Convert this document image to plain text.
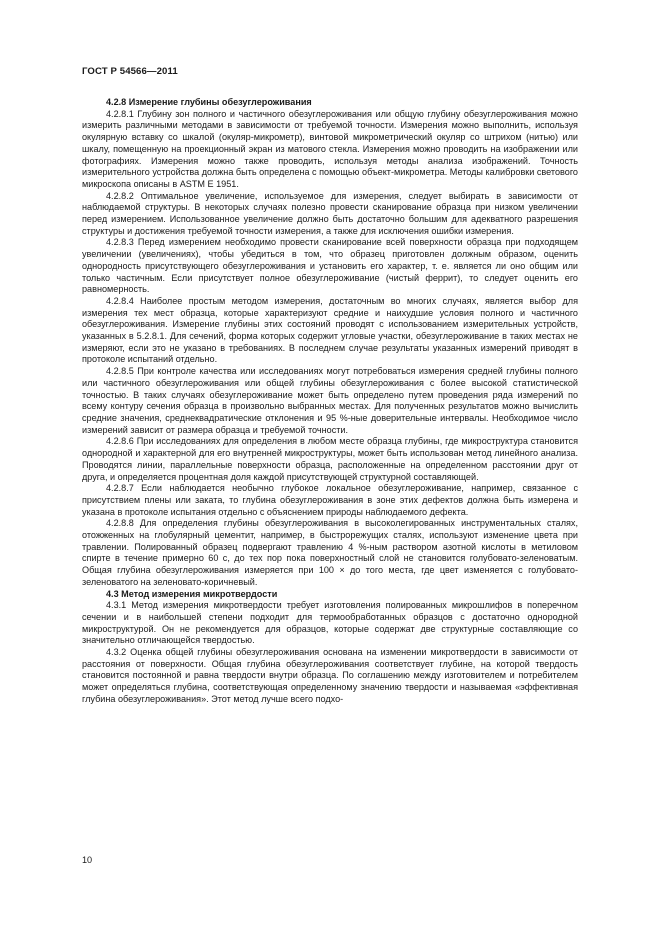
ГОСТ Р 54566—2011
4.2.8 Измерение глубины обезуглероживания

4.2.8.1 Глубину зон полного и частичного обезуглероживания или общую глубину обезуглероживания можно измерить различными методами в зависимости от требуемой точности. Измерения можно выполнить, используя окулярную вставку со шкалой (окуляр-микрометр), винтовой микрометрический окуляр со штрихом (нитью) или шкалу, помещенную на проекционный экран из матового стекла. Измерения можно проводить на изображении или фотографиях. Измерения можно также проводить, используя методы анализа изображений. Точность измерительного устройства должна быть определена с помощью объект-микрометра. Методы калибровки светового микроскопа описаны в ASTM E 1951.

4.2.8.2 Оптимальное увеличение, используемое для измерения, следует выбирать в зависимости от наблюдаемой структуры. В некоторых случаях полезно провести сканирование образца при низком увеличении перед измерением. Использованное увеличение должно быть достаточно большим для адекватного разрешения структуры и достижения требуемой точности измерения, а также для исключения ошибки измерения.

4.2.8.3 Перед измерением необходимо провести сканирование всей поверхности образца при подходящем увеличении (увеличениях), чтобы убедиться в том, что образец приготовлен должным образом, оценить однородность присутствующего обезуглероживания и установить его характер, т. е. является ли оно общим или только частичным. Если присутствует полное обезуглероживание (чистый феррит), то следует оценить его равномерность.

4.2.8.4 Наиболее простым методом измерения, достаточным во многих случаях, является выбор для измерения тех мест образца, которые характеризуют средние и наихудшие условия полного и частичного обезуглероживания. Измерение глубины этих состояний проводят с использованием измерительных устройств, указанных в 5.2.8.1. Для сечений, форма которых содержит угловые участки, обезуглероживание в таких местах не измеряют, если это не указано в требованиях. В последнем случае результаты указанных измерений приводят в протоколе испытаний отдельно.

4.2.8.5 При контроле качества или исследованиях могут потребоваться измерения средней глубины полного или частичного обезуглероживания или общей глубины обезуглероживания с более высокой статистической точностью. В таких случаях обезуглероживание может быть определено путем проведения ряда измерений по всему контуру сечения образца в произвольно выбранных местах. Для полученных результатов можно вычислить средние значения, среднеквадратические отклонения и 95 %-ные доверительные интервалы. Необходимое число измерений зависит от размера образца и требуемой точности.

4.2.8.6 При исследованиях для определения в любом месте образца глубины, где микроструктура становится однородной и характерной для его внутренней микроструктуры, может быть использован метод линейного анализа. Проводятся линии, параллельные поверхности образца, расположенные на определенном расстоянии друг от друга, и определяется процентная доля каждой присутствующей структурной составляющей.

4.2.8.7 Если наблюдается необычно глубокое локальное обезуглероживание, например, связанное с присутствием плены или заката, то глубина обезуглероживания в зоне этих дефектов должна быть измерена и указана в протоколе испытания отдельно с объяснением природы наблюдаемого дефекта.

4.2.8.8 Для определения глубины обезуглероживания в высоколегированных инструментальных сталях, отожженных на глобулярный цементит, например, в быстрорежущих сталях, используют изменение цвета при травлении. Полированный образец подвергают травлению 4 %-ным раствором азотной кислоты в метиловом спирте в течение примерно 60 с, до тех пор пока поверхностный слой не становится голубовато-зеленоватым. Общая глубина обезуглероживания измеряется при 100 × до того места, где цвет изменяется с голубовато-зеленоватого на зеленовато-коричневый.

4.3 Метод измерения микротвердости

4.3.1 Метод измерения микротвердости требует изготовления полированных микрошлифов в поперечном сечении и в наибольшей степени подходит для термообработанных образцов с достаточно однородной микроструктурой. Он не рекомендуется для образцов, которые содержат две структурные составляющие со значительно отличающейся твердостью.

4.3.2 Оценка общей глубины обезуглероживания основана на изменении микротвердости в зависимости от расстояния от поверхности. Общая глубина обезуглероживания соответствует глубине, на которой твердость становится постоянной и равна твердости внутри образца. По соглашению между изготовителем и потребителем может определяться глубина, соответствующая определенному значению твердости и называемая «эффективная глубина обезуглероживания». Этот метод лучше всего подхо-

10
